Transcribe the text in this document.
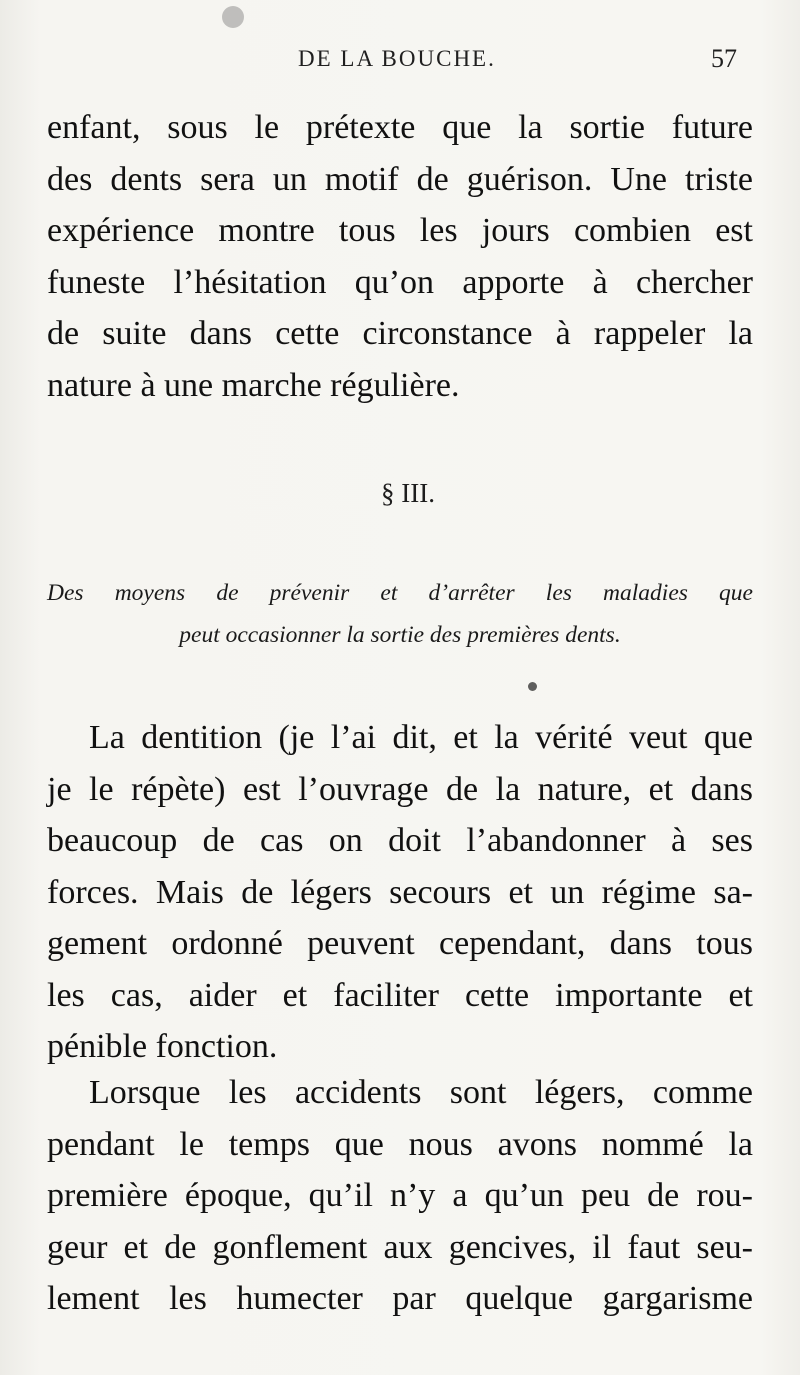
DE LA BOUCHE.	57
enfant, sous le prétexte que la sortie future
des dents sera un motif de guérison. Une triste
expérience montre tous les jours combien est
funeste l’hésitation qu’on apporte à chercher
de suite dans cette circonstance à rappeler la
nature à une marche régulière.
§ III.
Des moyens de prévenir et d’arrêter les maladies que
peut occasionner la sortie des premières dents.
La dentition (je l’ai dit, et la vérité veut que
je le répète) est l’ouvrage de la nature, et dans
beaucoup de cas on doit l’abandonner à ses
forces. Mais de légers secours et un régime sa-
gement ordonné peuvent cependant, dans tous
les cas, aider et faciliter cette importante et
pénible fonction.
Lorsque les accidents sont légers, comme
pendant le temps que nous avons nommé la
première époque, qu’il n’y a qu’un peu de rou-
geur et de gonflement aux gencives, il faut seu-
lement les humecter par quelque gargarisme
